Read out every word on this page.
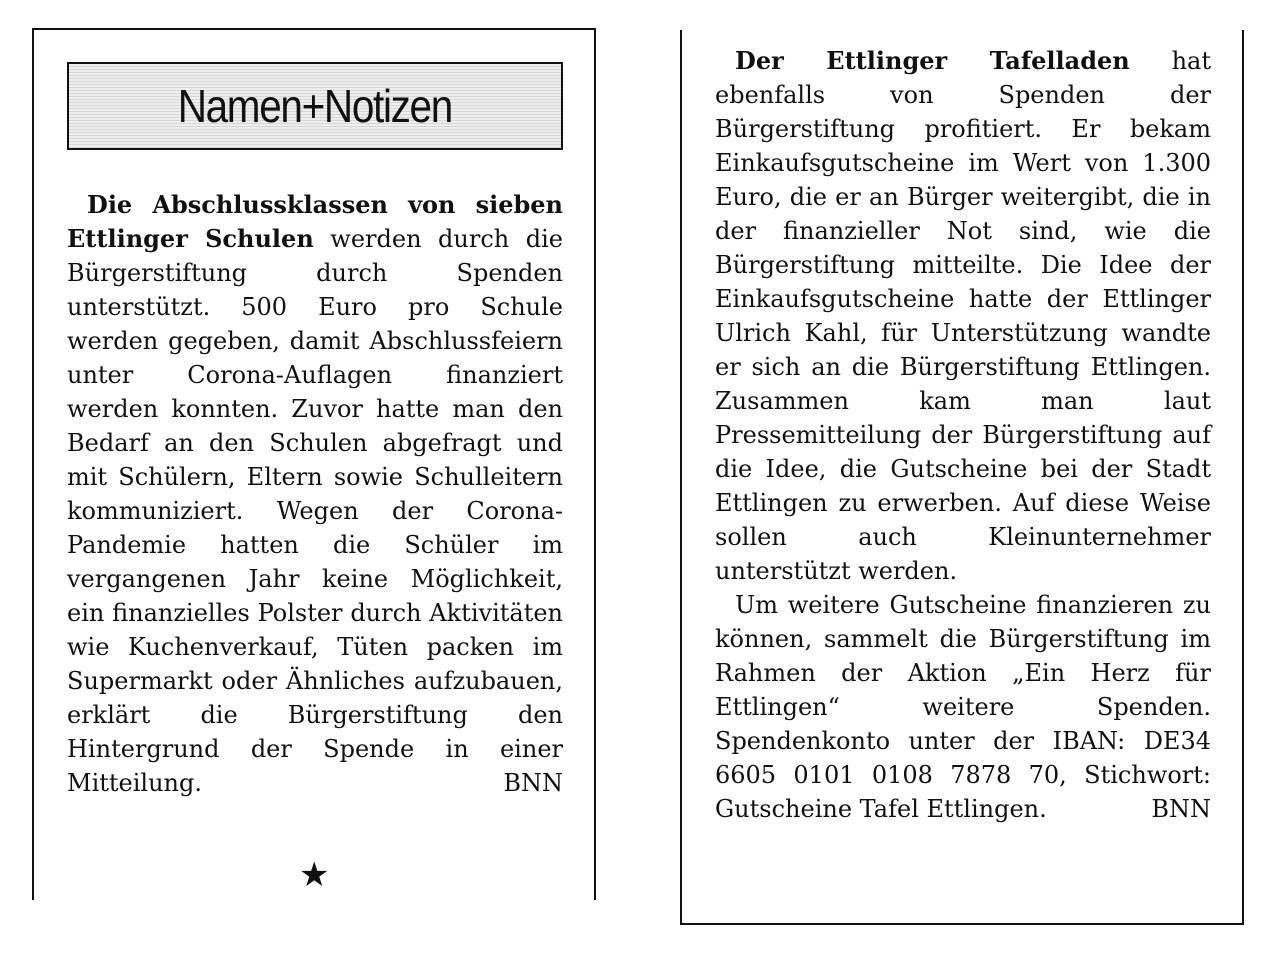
Namen+Notizen

Die Abschlussklassen von sieben Ettlinger Schulen werden durch die Bürgerstiftung durch Spenden unterstützt. 500 Euro pro Schule werden gegeben, damit Abschlussfeiern unter Corona-Auflagen finanziert werden konnten. Zuvor hatte man den Bedarf an den Schulen abgefragt und mit Schülern, Eltern sowie Schulleitern kommuniziert. Wegen der Corona-Pandemie hatten die Schüler im vergangenen Jahr keine Möglichkeit, ein finanzielles Polster durch Aktivitäten wie Kuchenverkauf, Tüten packen im Supermarkt oder Ähnliches aufzubauen, erklärt die Bürgerstiftung den Hintergrund der Spende in einer Mitteilung.	BNN

★

Der Ettlinger Tafelladen hat ebenfalls von Spenden der Bürgerstiftung profitiert. Er bekam Einkaufsgutscheine im Wert von 1.300 Euro, die er an Bürger weitergibt, die in der finanzieller Not sind, wie die Bürgerstiftung mitteilte. Die Idee der Einkaufsgutscheine hatte der Ettlinger Ulrich Kahl, für Unterstützung wandte er sich an die Bürgerstiftung Ettlingen. Zusammen kam man laut Pressemitteilung der Bürgerstiftung auf die Idee, die Gutscheine bei der Stadt Ettlingen zu erwerben. Auf diese Weise sollen auch Kleinunternehmer unterstützt werden.

Um weitere Gutscheine finanzieren zu können, sammelt die Bürgerstiftung im Rahmen der Aktion „Ein Herz für Ettlingen“ weitere Spenden. Spendenkonto unter der IBAN: DE34 6605 0101 0108 7878 70, Stichwort: Gutscheine Tafel Ettlingen.	BNN
